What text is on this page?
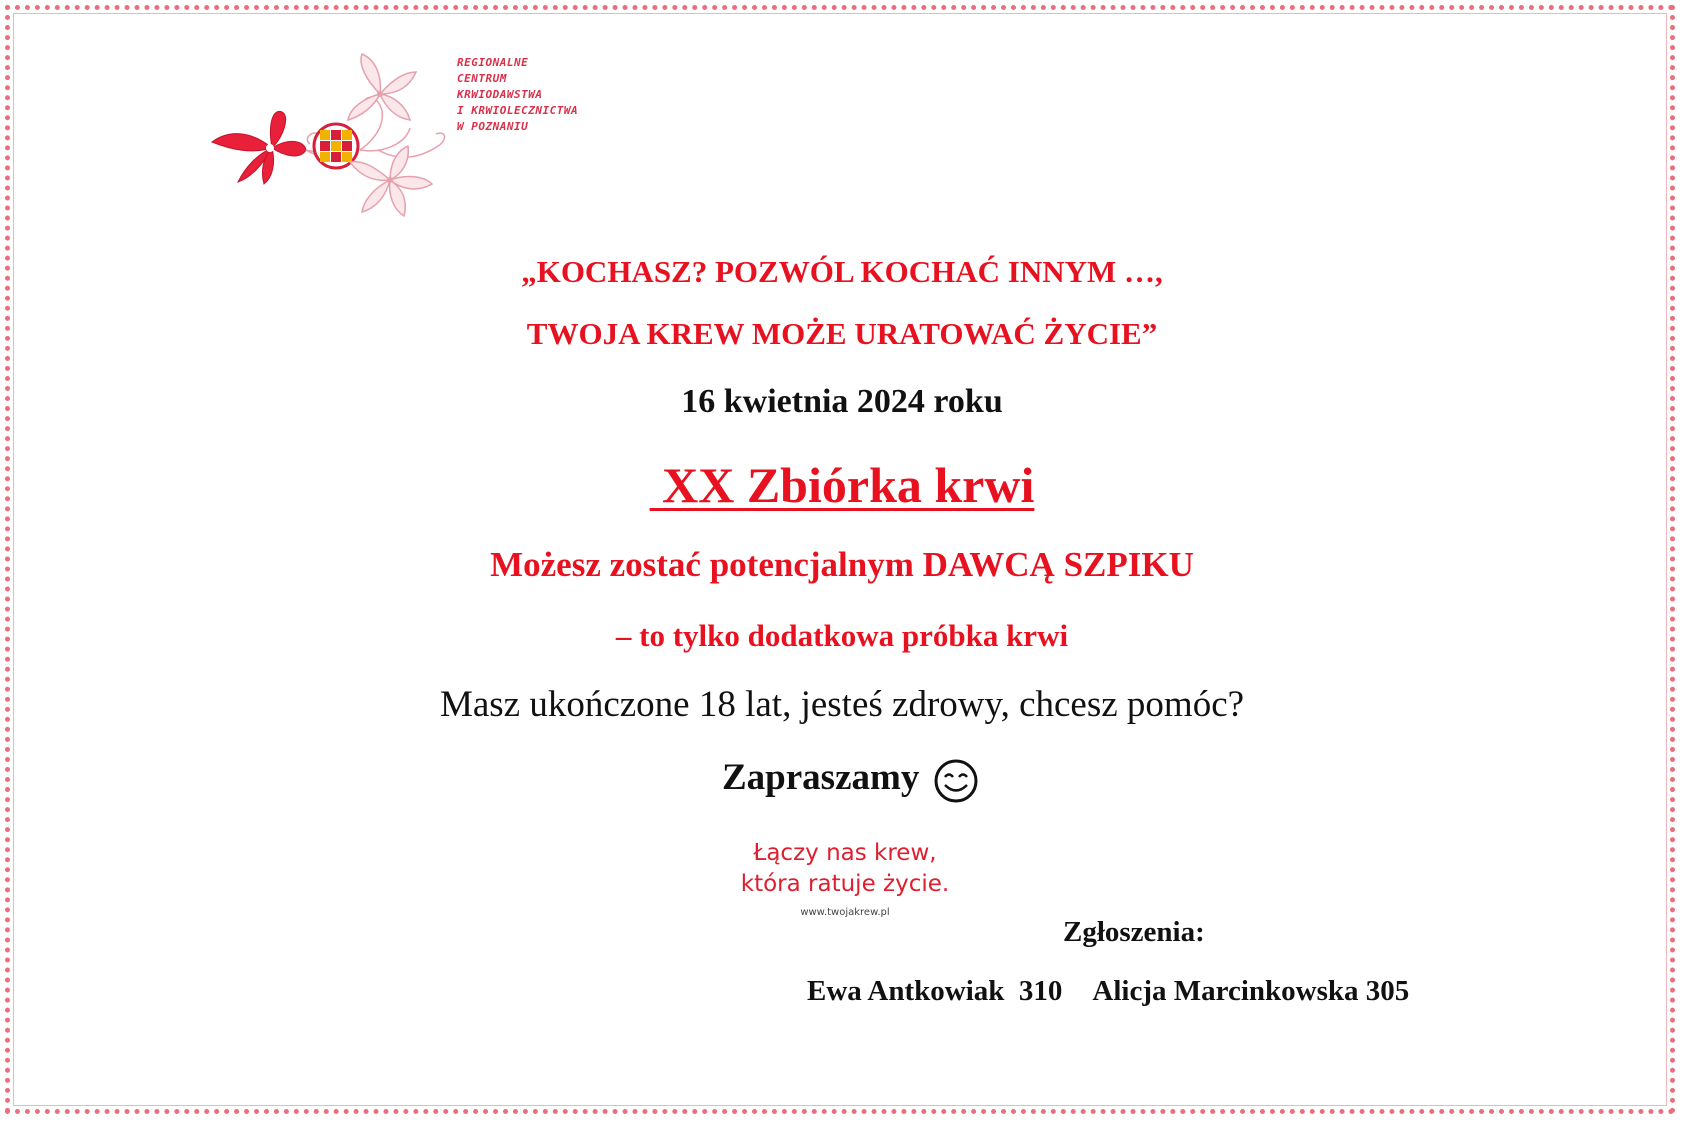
REGIONALNE
CENTRUM
KRWIODAWSTWA
I KRWIOLECZNICTWA
W POZNANIU
„KOCHASZ? POZWÓL KOCHAĆ INNYM …,
TWOJA KREW MOŻE URATOWAĆ ŻYCIE”
16 kwietnia 2024 roku
XX Zbiórka krwi
Możesz zostać potencjalnym DAWCĄ SZPIKU
– to tylko dodatkowa próbka krwi
Masz ukończone 18 lat, jesteś zdrowy, chcesz pomóc?
Zapraszamy
Łączy nas krew,
która ratuje życie.
www.twojakrew.pl
Zgłoszenia:
Ewa Antkowiak  310 Alicja Marcinkowska 305
